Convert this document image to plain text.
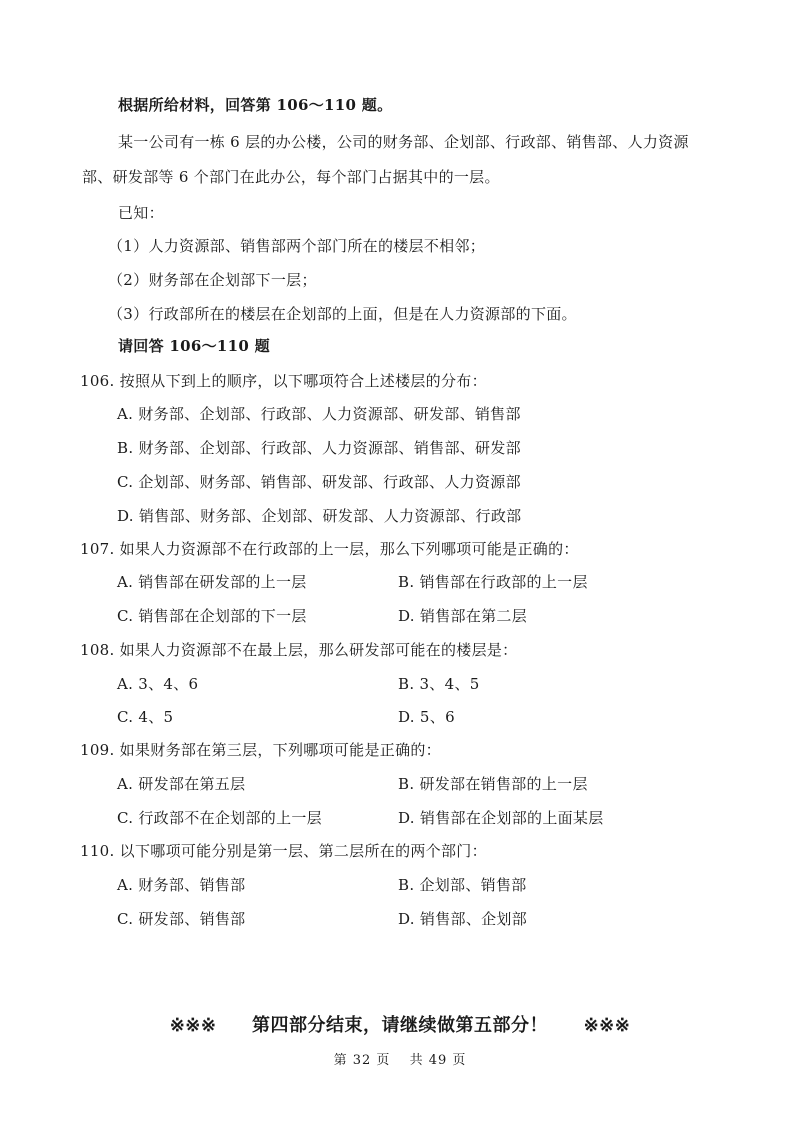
根据所给材料，回答第 106～110 题。
某一公司有一栋 6 层的办公楼，公司的财务部、企划部、行政部、销售部、人力资源
部、研发部等 6 个部门在此办公，每个部门占据其中的一层。
已知：
（1）人力资源部、销售部两个部门所在的楼层不相邻；
（2）财务部在企划部下一层；
（3）行政部所在的楼层在企划部的上面，但是在人力资源部的下面。
请回答 106～110 题
106. 按照从下到上的顺序，以下哪项符合上述楼层的分布：
A. 财务部、企划部、行政部、人力资源部、研发部、销售部
B. 财务部、企划部、行政部、人力资源部、销售部、研发部
C. 企划部、财务部、销售部、研发部、行政部、人力资源部
D. 销售部、财务部、企划部、研发部、人力资源部、行政部
107. 如果人力资源部不在行政部的上一层，那么下列哪项可能是正确的：
A. 销售部在研发部的上一层	B. 销售部在行政部的上一层
C. 销售部在企划部的下一层	D. 销售部在第二层
108. 如果人力资源部不在最上层，那么研发部可能在的楼层是：
A. 3、4、6	B. 3、4、5
C. 4、5	D. 5、6
109. 如果财务部在第三层，下列哪项可能是正确的：
A. 研发部在第五层	B. 研发部在销售部的上一层
C. 行政部不在企划部的上一层	D. 销售部在企划部的上面某层
110. 以下哪项可能分别是第一层、第二层所在的两个部门：
A. 财务部、销售部	B. 企划部、销售部
C. 研发部、销售部	D. 销售部、企划部
※※※ 第四部分结束，请继续做第五部分！ ※※※
第 32 页　 共 49 页
